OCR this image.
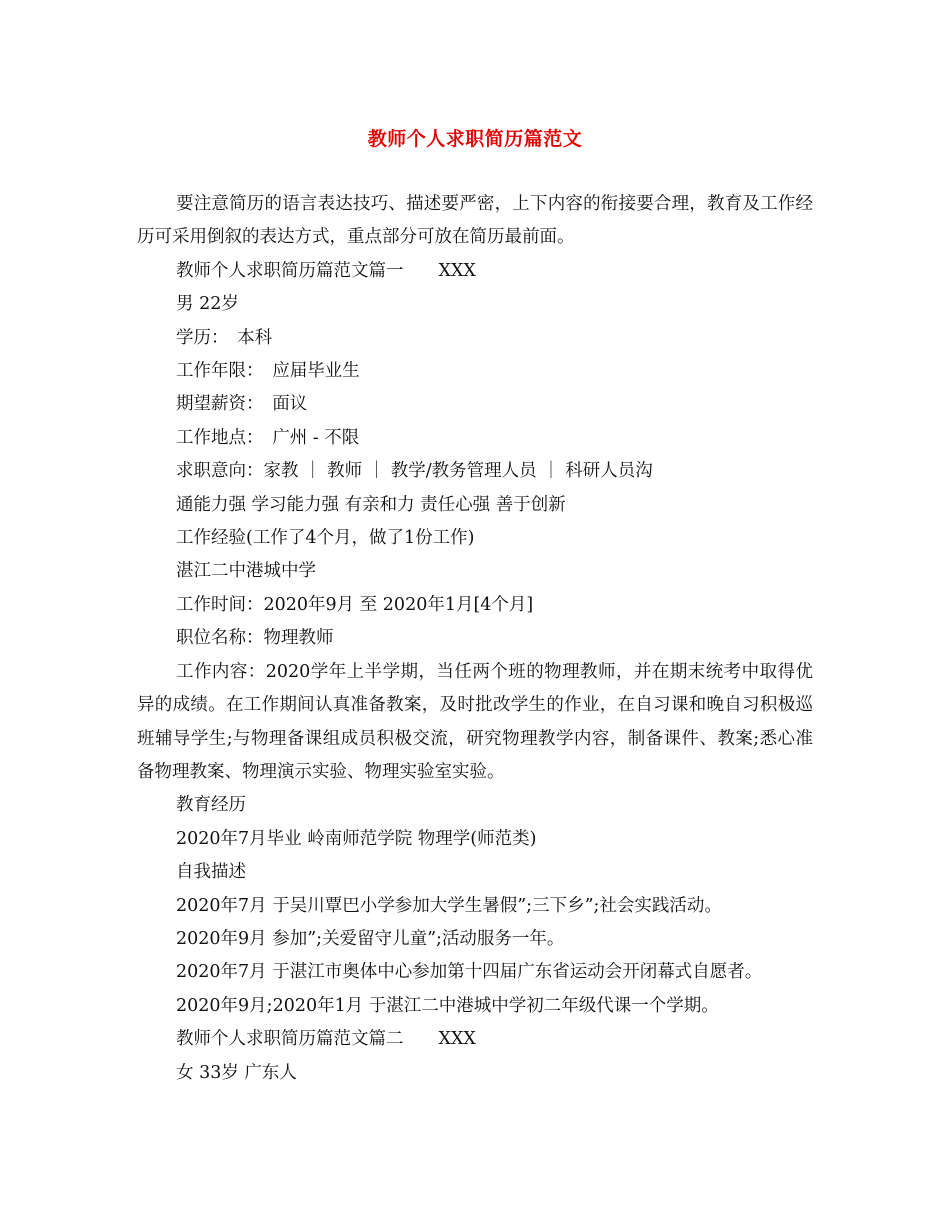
教师个人求职简历篇范文

要注意简历的语言表达技巧、描述要严密，上下内容的衔接要合理，教育及工作经历可采用倒叙的表达方式，重点部分可放在简历最前面。

教师个人求职简历篇范文篇一　　XXX

男 22岁

学历：　本科

工作年限：　应届毕业生

期望薪资：　面议

工作地点：　广州 - 不限

求职意向：家教 ｜ 教师 ｜ 教学/教务管理人员 ｜ 科研人员沟

通能力强 学习能力强 有亲和力 责任心强 善于创新

工作经验(工作了4个月，做了1份工作)

湛江二中港城中学

工作时间：2020年9月 至 2020年1月[4个月]

职位名称：物理教师

工作内容：2020学年上半学期，当任两个班的物理教师，并在期末统考中取得优异的成绩。在工作期间认真准备教案，及时批改学生的作业，在自习课和晚自习积极巡班辅导学生;与物理备课组成员积极交流，研究物理教学内容，制备课件、教案;悉心准备物理教案、物理演示实验、物理实验室实验。

教育经历

2020年7月毕业 岭南师范学院 物理学(师范类)

自我描述

2020年7月 于吴川覃巴小学参加大学生暑假”;三下乡”;社会实践活动。

2020年9月 参加”;关爱留守儿童”;活动服务一年。

2020年7月 于湛江市奥体中心参加第十四届广东省运动会开闭幕式自愿者。

2020年9月;2020年1月 于湛江二中港城中学初二年级代课一个学期。

教师个人求职简历篇范文篇二　　XXX

女 33岁 广东人
